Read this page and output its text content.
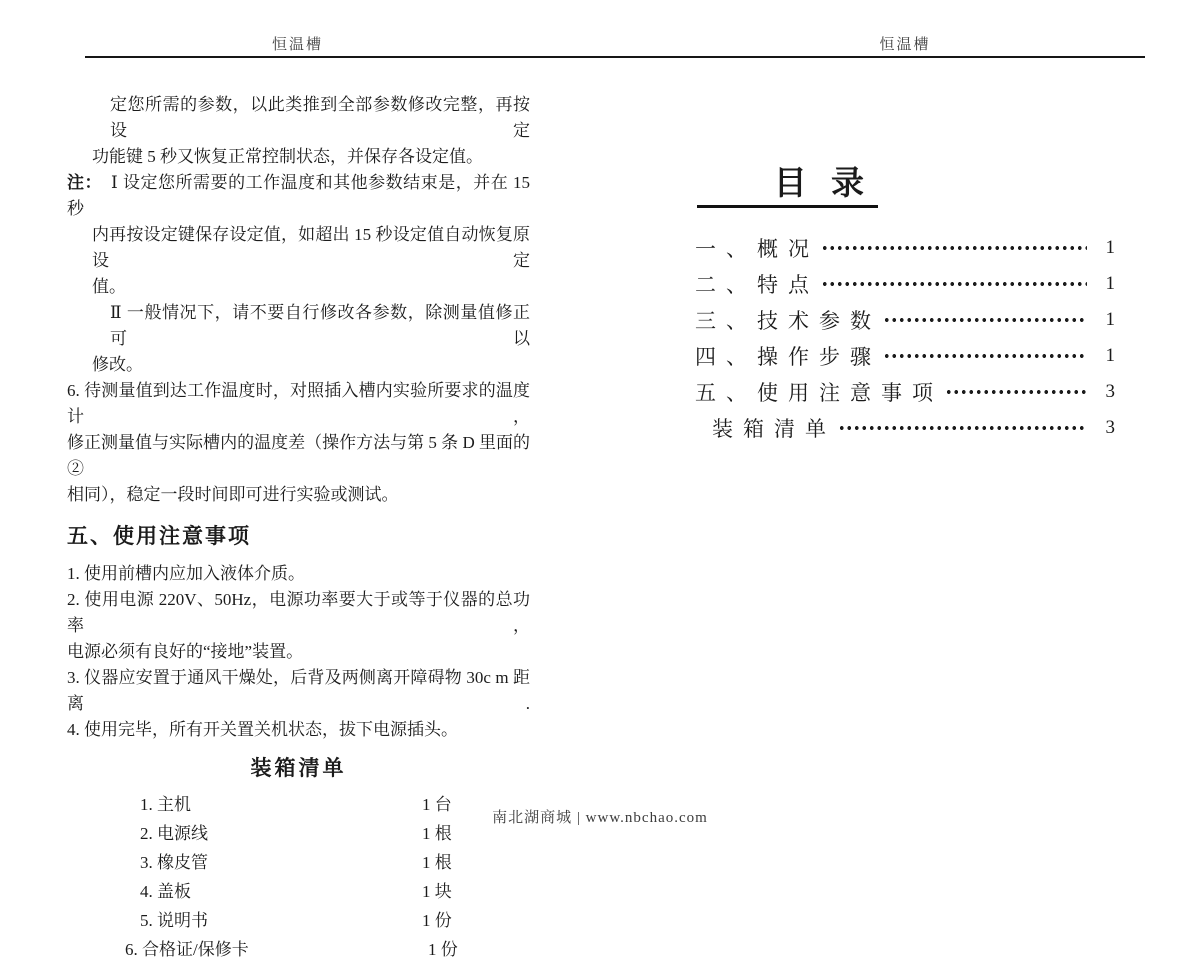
恒温槽	恒温槽
定您所需的参数，以此类推到全部参数修改完整，再按设定
功能键 5 秒又恢复正常控制状态，并保存各设定值。
注： Ⅰ 设定您所需要的工作温度和其他参数结束是，并在 15 秒
内再按设定键保存设定值，如超出 15 秒设定值自动恢复原设定
值。
Ⅱ 一般情况下，请不要自行修改各参数，除测量值修正可以
修改。
6. 待测量值到达工作温度时，对照插入槽内实验所要求的温度计，
修正测量值与实际槽内的温度差（操作方法与第 5 条 D 里面的②
相同），稳定一段时间即可进行实验或测试。
五、使用注意事项
1. 使用前槽内应加入液体介质。
2. 使用电源 220V、50Hz，电源功率要大于或等于仪器的总功率，
电源必须有良好的“接地”装置。
3. 仪器应安置于通风干燥处，后背及两侧离开障碍物 30c m 距离.
4. 使用完毕，所有开关置关机状态，拔下电源插头。
装箱清单
1. 主机	1 台
2. 电源线	1 根
3. 橡皮管	1 根
4. 盖板	1 块
5. 说明书	1 份
6. 合格证/保修卡	1 份
目 录
一、概况	1
二、特点	1
三、技术参数	1
四、操作步骤	1
五、使用注意事项	3
装箱清单	3
南北湖商城 | www.nbchao.com
